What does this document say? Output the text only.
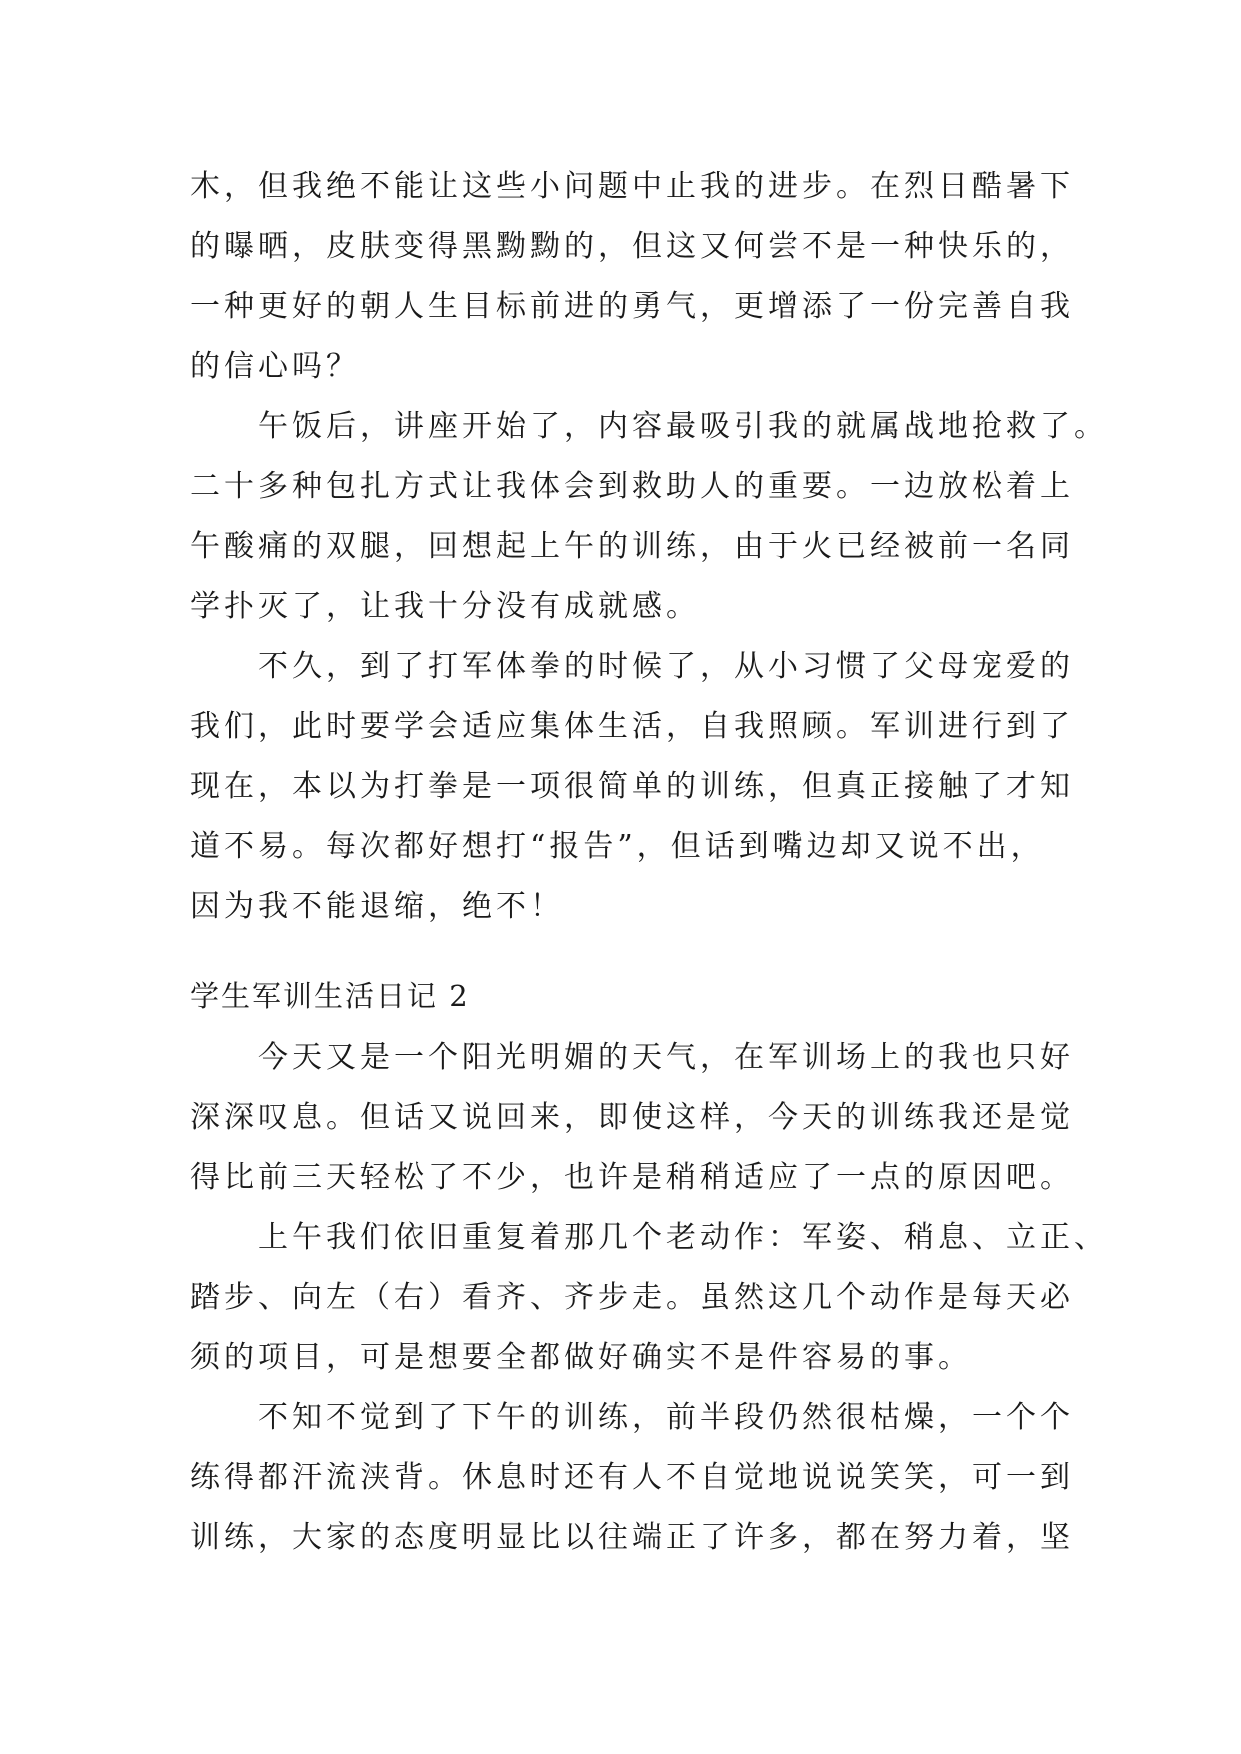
木，但我绝不能让这些小问题中止我的进步。在烈日酷暑下
的曝晒，皮肤变得黑黝黝的，但这又何尝不是一种快乐的，
一种更好的朝人生目标前进的勇气，更增添了一份完善自我
的信心吗？
午饭后，讲座开始了，内容最吸引我的就属战地抢救了。
二十多种包扎方式让我体会到救助人的重要。一边放松着上
午酸痛的双腿，回想起上午的训练，由于火已经被前一名同
学扑灭了，让我十分没有成就感。
不久，到了打军体拳的时候了，从小习惯了父母宠爱的
我们，此时要学会适应集体生活，自我照顾。军训进行到了
现在，本以为打拳是一项很简单的训练，但真正接触了才知
道不易。每次都好想打“报告”，但话到嘴边却又说不出，
因为我不能退缩，绝不！
学生军训生活日记 2
今天又是一个阳光明媚的天气，在军训场上的我也只好
深深叹息。但话又说回来，即使这样，今天的训练我还是觉
得比前三天轻松了不少，也许是稍稍适应了一点的原因吧。
上午我们依旧重复着那几个老动作：军姿、稍息、立正、
踏步、向左（右）看齐、齐步走。虽然这几个动作是每天必
须的项目，可是想要全都做好确实不是件容易的事。
不知不觉到了下午的训练，前半段仍然很枯燥，一个个
练得都汗流浃背。休息时还有人不自觉地说说笑笑，可一到
训练，大家的态度明显比以往端正了许多，都在努力着，坚
